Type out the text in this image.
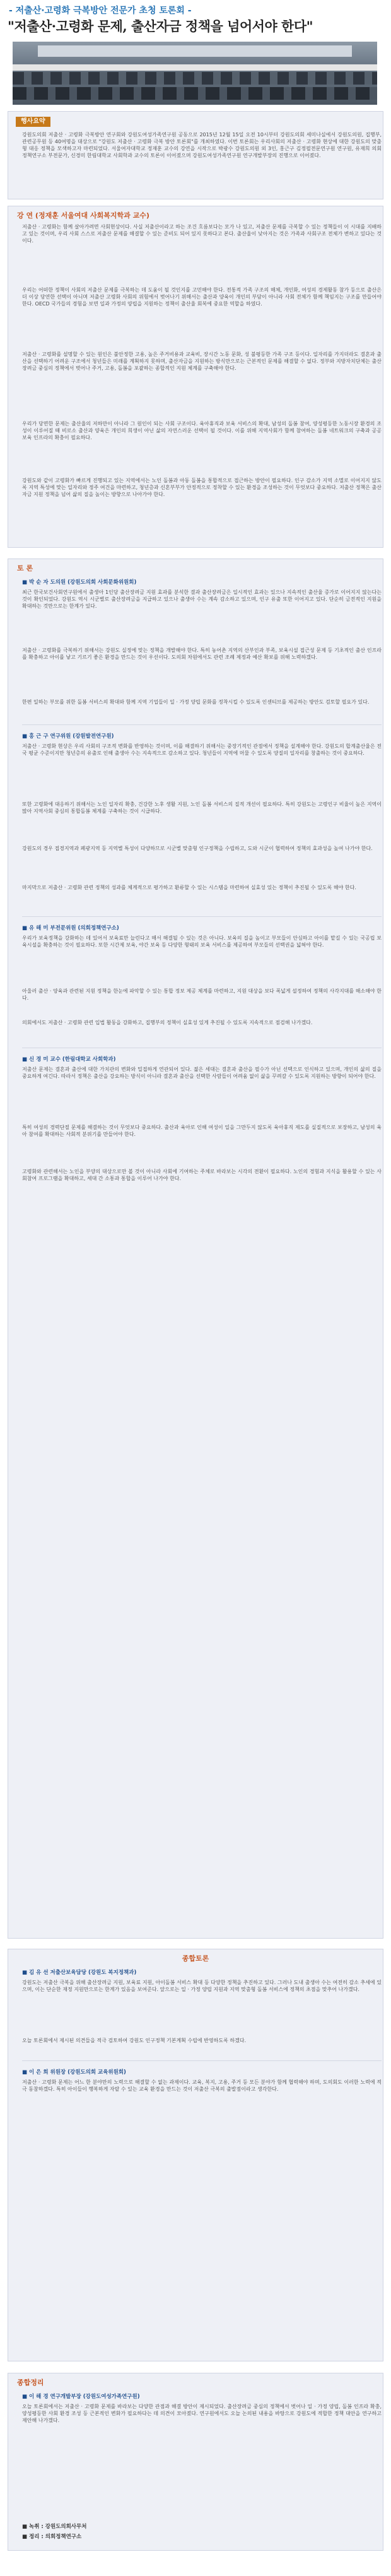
- 저출산·고령화 극복방안 전문가 초청 토론회 -
"저출산·고령화 문제, 출산자금 정책을 넘어서야 한다"
행사요약
강원도의회 저출산 · 고령화 극복방안 연구회와 강원도여성가족연구원 공동으로 2015년 12월 15일 오전 10시부터 강원도의회 세미나실에서 강원도의원, 집행부, 관련공무원 등 40여명을 대상으로 "강원도 저출산 · 고령화 극복 방안 토론회"를 개최하였다. 이번 토론회는 우리사회의 저출산 · 고령화 현상에 대한 강원도의 맞춤형 대응 정책을 모색하고자 마련되었다. 서울여자대학교 정재훈 교수의 강연을 시작으로 박광수 강원도의원 외 3인, 홍근구 김정필전문연구원 연구원, 유재희 의회 정책연구소 부전문가, 신경미 한림대학교 사회학과 교수의 토론이 이어졌으며 강원도여성가족연구원 연구개발부장의 진행으로 이어졌다.
강 연 (정재훈 서울여대 사회복지학과 교수)
저출산 · 고령화는 함께 살아가려면 사회현상이다. 사실 저출산이라고 하는 조건 흐름보다는 모가 나 있고, 저출산 문제를 극복할 수 있는 정책들이 이 시대를 지배하고 있는 것이며, 우리 사회 스스로 저출산 문제를 해결할 수 있는 준비도 되어 있지 못하다고 본다. 출산율이 낮아지는 것은 가족과 사회구조 전체가 변하고 있다는 것이다.
우리는 어떠한 정책이 사회의 저출산 문제를 극복하는 데 도움이 될 것인지를 고민해야 한다. 전통적 가족 구조의 해체, 개인화, 여성의 경제활동 참가 등으로 출산은 더 이상 당연한 선택이 아니며 저출산 고령화 사회의 위험에서 벗어나기 위해서는 출산과 양육이 개인의 부담이 아니라 사회 전체가 함께 책임지는 구조를 만들어야 한다. OECD 국가들의 경험을 보면 일과 가정의 양립을 지원하는 정책이 출산율 회복에 중요한 역할을 하였다.
저출산 · 고령화를 설명할 수 있는 원인은 불안정한 고용, 높은 주거비용과 교육비, 장시간 노동 문화, 성 불평등한 가족 구조 등이다. 일자리를 가지더라도 결혼과 출산을 선택하기 어려운 구조에서 청년들은 미래를 계획하지 못하며, 출산자금을 지원하는 방식만으로는 근본적인 문제를 해결할 수 없다. 정부와 지방자치단체는 출산 장려금 중심의 정책에서 벗어나 주거, 고용, 돌봄을 포괄하는 종합적인 지원 체계를 구축해야 한다.
우리가 당면한 문제는 출산율의 저하만이 아니라 그 원인이 되는 사회 구조이다. 육아휴직과 보육 서비스의 확대, 남성의 돌봄 참여, 양성평등한 노동시장 환경의 조성이 이루어질 때 비로소 출산과 양육은 개인의 희생이 아닌 삶의 자연스러운 선택이 될 것이다. 이를 위해 지역사회가 함께 참여하는 돌봄 네트워크의 구축과 공공 보육 인프라의 확충이 필요하다.
강원도와 같이 고령화가 빠르게 진행되고 있는 지역에서는 노인 돌봄과 아동 돌봄을 통합적으로 접근하는 방안이 필요하다. 인구 감소가 지역 소멸로 이어지지 않도록 지역 특성에 맞는 일자리와 정주 여건을 마련하고, 청년층과 신혼부부가 안정적으로 정착할 수 있는 환경을 조성하는 것이 무엇보다 중요하다. 저출산 정책은 출산자금 지원 정책을 넘어 삶의 질을 높이는 방향으로 나아가야 한다.
토 론
■ 박 순 자 도의원 (강원도의회 사회문화위원회)
최근 한국보건사회연구원에서 출생아 1인당 출산장려금 지원 효과를 분석한 결과 출산장려금은 일시적인 효과는 있으나 지속적인 출산율 증가로 이어지지 않는다는 것이 확인되었다. 강원도 역시 시군별로 출산장려금을 지급하고 있으나 출생아 수는 계속 감소하고 있으며, 인구 유출 또한 이어지고 있다. 단순히 금전적인 지원을 확대하는 것만으로는 한계가 있다.
저출산 · 고령화를 극복하기 위해서는 강원도 실정에 맞는 정책을 개발해야 한다. 특히 농어촌 지역의 산부인과 부족, 보육시설 접근성 문제 등 기초적인 출산 인프라를 확충하고 아이를 낳고 기르기 좋은 환경을 만드는 것이 우선이다. 도의회 차원에서도 관련 조례 제정과 예산 확보를 위해 노력하겠다.
한편 일하는 부모를 위한 돌봄 서비스의 확대와 함께 지역 기업들이 일 · 가정 양립 문화를 정착시킬 수 있도록 인센티브를 제공하는 방안도 검토할 필요가 있다.
■ 홍 근 구 연구위원 (강원발전연구원)
저출산 · 고령화 현상은 우리 사회의 구조적 변화를 반영하는 것이며, 이를 해결하기 위해서는 중장기적인 관점에서 정책을 설계해야 한다. 강원도의 합계출산율은 전국 평균 수준이지만 청년층의 유출로 인해 출생아 수는 지속적으로 감소하고 있다. 청년들이 지역에 머물 수 있도록 양질의 일자리를 창출하는 것이 중요하다.
또한 고령화에 대응하기 위해서는 노인 일자리 확충, 건강한 노후 생활 지원, 노인 돌봄 서비스의 질적 개선이 필요하다. 특히 강원도는 고령인구 비율이 높은 지역이 많아 지역사회 중심의 통합돌봄 체계를 구축하는 것이 시급하다.
강원도의 경우 접경지역과 폐광지역 등 지역별 특성이 다양하므로 시군별 맞춤형 인구정책을 수립하고, 도와 시군이 협력하여 정책의 효과성을 높여 나가야 한다.
마지막으로 저출산 · 고령화 관련 정책의 성과를 체계적으로 평가하고 환류할 수 있는 시스템을 마련하여 실효성 있는 정책이 추진될 수 있도록 해야 한다.
■ 유 해 미 부전문위원 (의회정책연구소)
우리가 보육정책을 강화하는 데 있어서 보육료만 늘린다고 해서 해결될 수 있는 것은 아니다. 보육의 질을 높이고 부모들이 안심하고 아이를 맡길 수 있는 국공립 보육시설을 확충하는 것이 필요하다. 또한 시간제 보육, 야간 보육 등 다양한 형태의 보육 서비스를 제공하여 부모들의 선택권을 넓혀야 한다.
아울러 출산 · 양육과 관련된 지원 정책을 한눈에 파악할 수 있는 통합 정보 제공 체계를 마련하고, 지원 대상을 보다 폭넓게 설정하여 정책의 사각지대를 해소해야 한다.
의회에서도 저출산 · 고령화 관련 입법 활동을 강화하고, 집행부의 정책이 실효성 있게 추진될 수 있도록 지속적으로 점검해 나가겠다.
■ 신 경 미 교수 (한림대학교 사회학과)
저출산 문제는 결혼과 출산에 대한 가치관의 변화와 밀접하게 연관되어 있다. 젊은 세대는 결혼과 출산을 필수가 아닌 선택으로 인식하고 있으며, 개인의 삶의 질을 중요하게 여긴다. 따라서 정책은 출산을 강요하는 방식이 아니라 결혼과 출산을 선택한 사람들이 어려움 없이 삶을 꾸려갈 수 있도록 지원하는 방향이 되어야 한다.
특히 여성의 경력단절 문제를 해결하는 것이 무엇보다 중요하다. 출산과 육아로 인해 여성이 일을 그만두지 않도록 육아휴직 제도를 실질적으로 보장하고, 남성의 육아 참여를 확대하는 사회적 분위기를 만들어야 한다.
고령화와 관련해서는 노인을 부양의 대상으로만 볼 것이 아니라 사회에 기여하는 주체로 바라보는 시각의 전환이 필요하다. 노인의 경험과 지식을 활용할 수 있는 사회참여 프로그램을 확대하고, 세대 간 소통과 통합을 이루어 나가야 한다.
종합토론
■ 김 유 선 저출산보육담당 (강원도 복지정책과)
강원도는 저출산 극복을 위해 출산장려금 지원, 보육료 지원, 아이돌봄 서비스 확대 등 다양한 정책을 추진하고 있다. 그러나 도내 출생아 수는 여전히 감소 추세에 있으며, 이는 단순한 재정 지원만으로는 한계가 있음을 보여준다. 앞으로는 일 · 가정 양립 지원과 지역 맞춤형 돌봄 서비스에 정책의 초점을 맞추어 나가겠다.
오늘 토론회에서 제시된 의견들을 적극 검토하여 강원도 인구정책 기본계획 수립에 반영하도록 하겠다.
■ 이 은 희 위원장 (강원도의회 교육위원회)
저출산 · 고령화 문제는 어느 한 분야만의 노력으로 해결할 수 없는 과제이다. 교육, 복지, 고용, 주거 등 모든 분야가 함께 협력해야 하며, 도의회도 이러한 노력에 적극 동참하겠다. 특히 아이들이 행복하게 자랄 수 있는 교육 환경을 만드는 것이 저출산 극복의 출발점이라고 생각한다.
종합정리
■ 이 해 경 연구개발부장 (강원도여성가족연구원)
오늘 토론회에서는 저출산 · 고령화 문제를 바라보는 다양한 관점과 해결 방안이 제시되었다. 출산장려금 중심의 정책에서 벗어나 일 · 가정 양립, 돌봄 인프라 확충, 양성평등한 사회 환경 조성 등 근본적인 변화가 필요하다는 데 의견이 모아졌다. 연구원에서도 오늘 논의된 내용을 바탕으로 강원도에 적합한 정책 대안을 연구하고 제안해 나가겠다.
■ 녹취 : 강원도의회사무처
■ 정리 : 의회정책연구소
